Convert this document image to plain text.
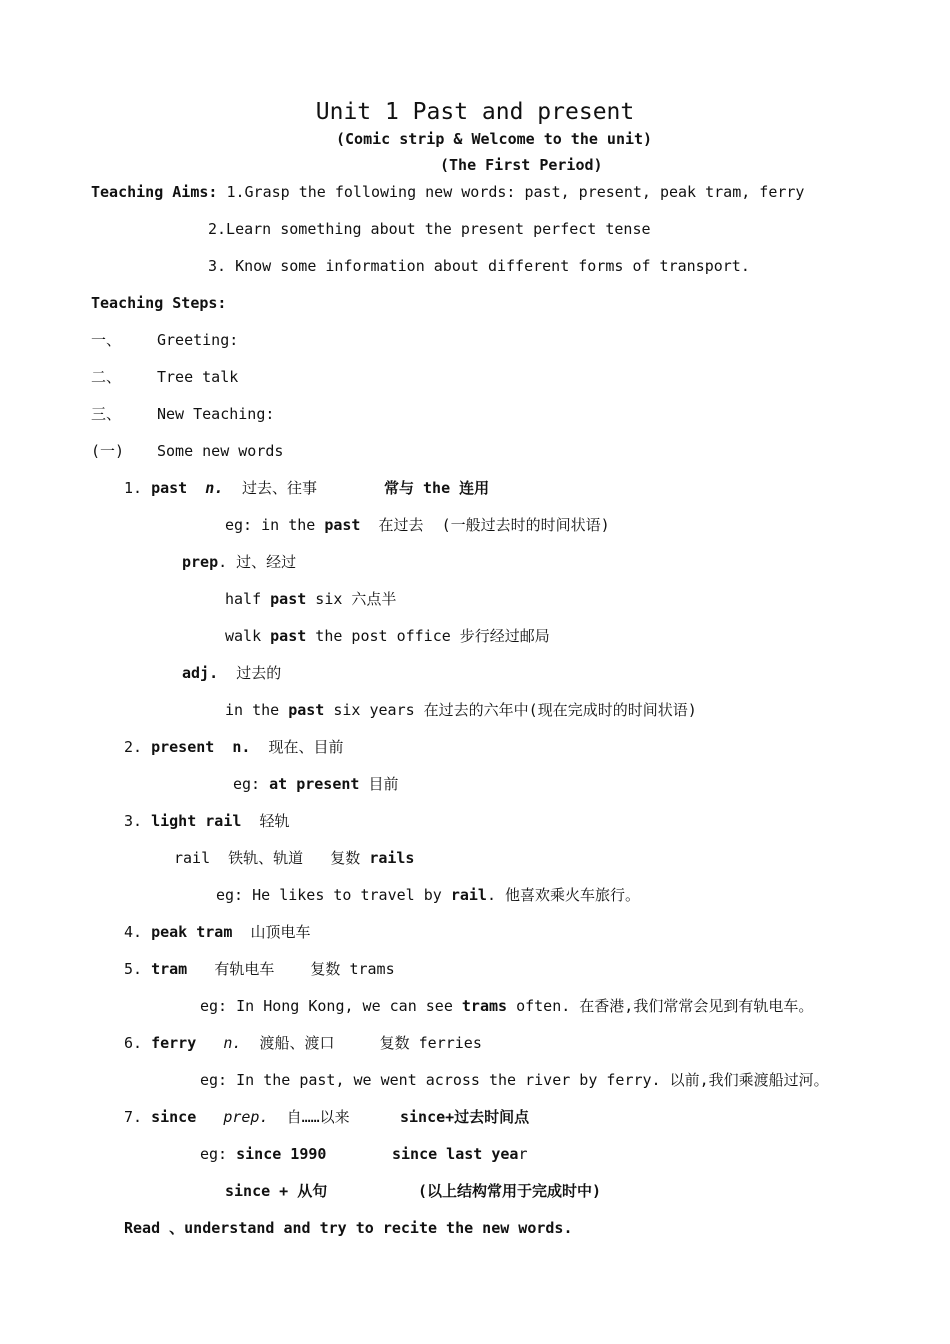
Unit 1 Past and present
(Comic strip & Welcome to the unit)
(The First Period)
Teaching Aims: 1.Grasp the following new words: past, present, peak tram, ferry
2.Learn something about the present perfect tense
3. Know some information about different forms of transport.
Teaching Steps:
一、 Greeting:
二、 Tree talk
三、 New Teaching:
(一) Some new words
1. past n.	过去、往事	常与 the 连用
eg: in the past  在过去  (一般过去时的时间状语)
prep. 过、经过
half past six 六点半
walk past the post office 步行经过邮局
adj. 过去的
in the past six years 在过去的六年中(现在完成时的时间状语)
2. present  n. 现在、目前
eg: at present 目前
3. light rail 轻轨
rail  铁轨、轨道   复数 rails
eg: He likes to travel by rail. 他喜欢乘火车旅行。
4. peak tram 山顶电车
5. tram 有轨电车    复数 trams
eg: In Hong Kong, we can see trams often. 在香港,我们常常会见到有轨电车。
6. ferry n. 渡船、渡口     复数 ferries
eg: In the past, we went across the river by ferry. 以前,我们乘渡船过河。
7. since prep. 自……以来	since+过去时间点
eg: since 1990	since last year
since + 从句	(以上结构常用于完成时中)
Read 、understand and try to recite the new words.
